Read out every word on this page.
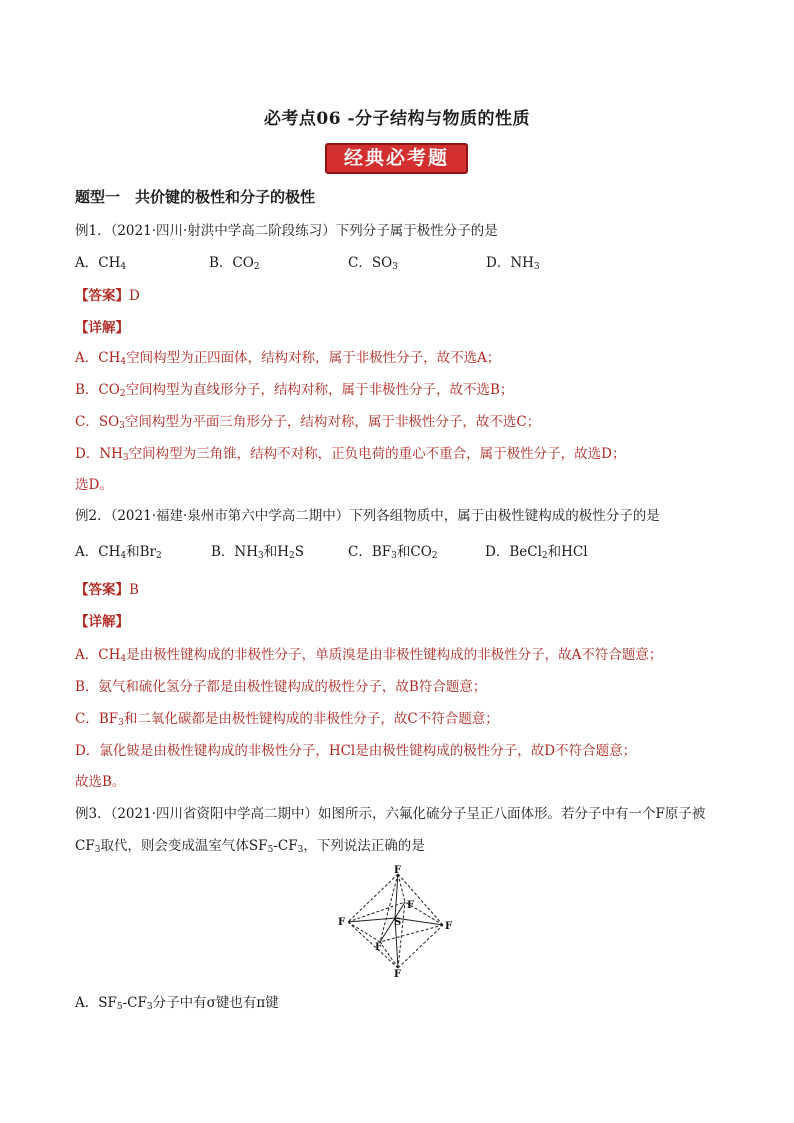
必考点06 -分子结构与物质的性质
经典必考题
题型一　共价键的极性和分子的极性
例1．（2021·四川·射洪中学高二阶段练习）下列分子属于极性分子的是
A．$CH_4$	B．$CO_2$	C．$SO_3$	D．$NH_3$
【答案】D
【详解】
A．$CH_4$空间构型为正四面体，结构对称，属于非极性分子，故不选A；
B．$CO_2$空间构型为直线形分子，结构对称，属于非极性分子，故不选B；
C．$SO_3$空间构型为平面三角形分子，结构对称，属于非极性分子，故不选C；
D．$NH_3$空间构型为三角锥，结构不对称，正负电荷的重心不重合，属于极性分子，故选D；
选D。
例2．（2021·福建·泉州市第六中学高二期中）下列各组物质中，属于由极性键构成的极性分子的是
A．$CH_4$和$Br_2$	B．$NH_3$和$H_2S$	C．$BF_3$和$CO_2$	D．BeCl$_2$和HCl
【答案】B
【详解】
A．$CH_4$是由极性键构成的非极性分子，单质溴是由非极性键构成的非极性分子，故A不符合题意；
B．氨气和硫化氢分子都是由极性键构成的极性分子，故B符合题意；
C．$BF_3$和二氧化碳都是由极性键构成的非极性分子，故C不符合题意；
D．氯化铍是由极性键构成的非极性分子，HCl是由极性键构成的极性分子，故D不符合题意；
故选B。
例3．（2021·四川省资阳中学高二期中）如图所示，六氟化硫分子呈正八面体形。若分子中有一个F原子被
$CF_3$取代，则会变成温室气体$SF_5-CF_3$，下列说法正确的是
S
F
F
F	F
F
F
A．$SF_5-CF_3$分子中有σ键也有π键
